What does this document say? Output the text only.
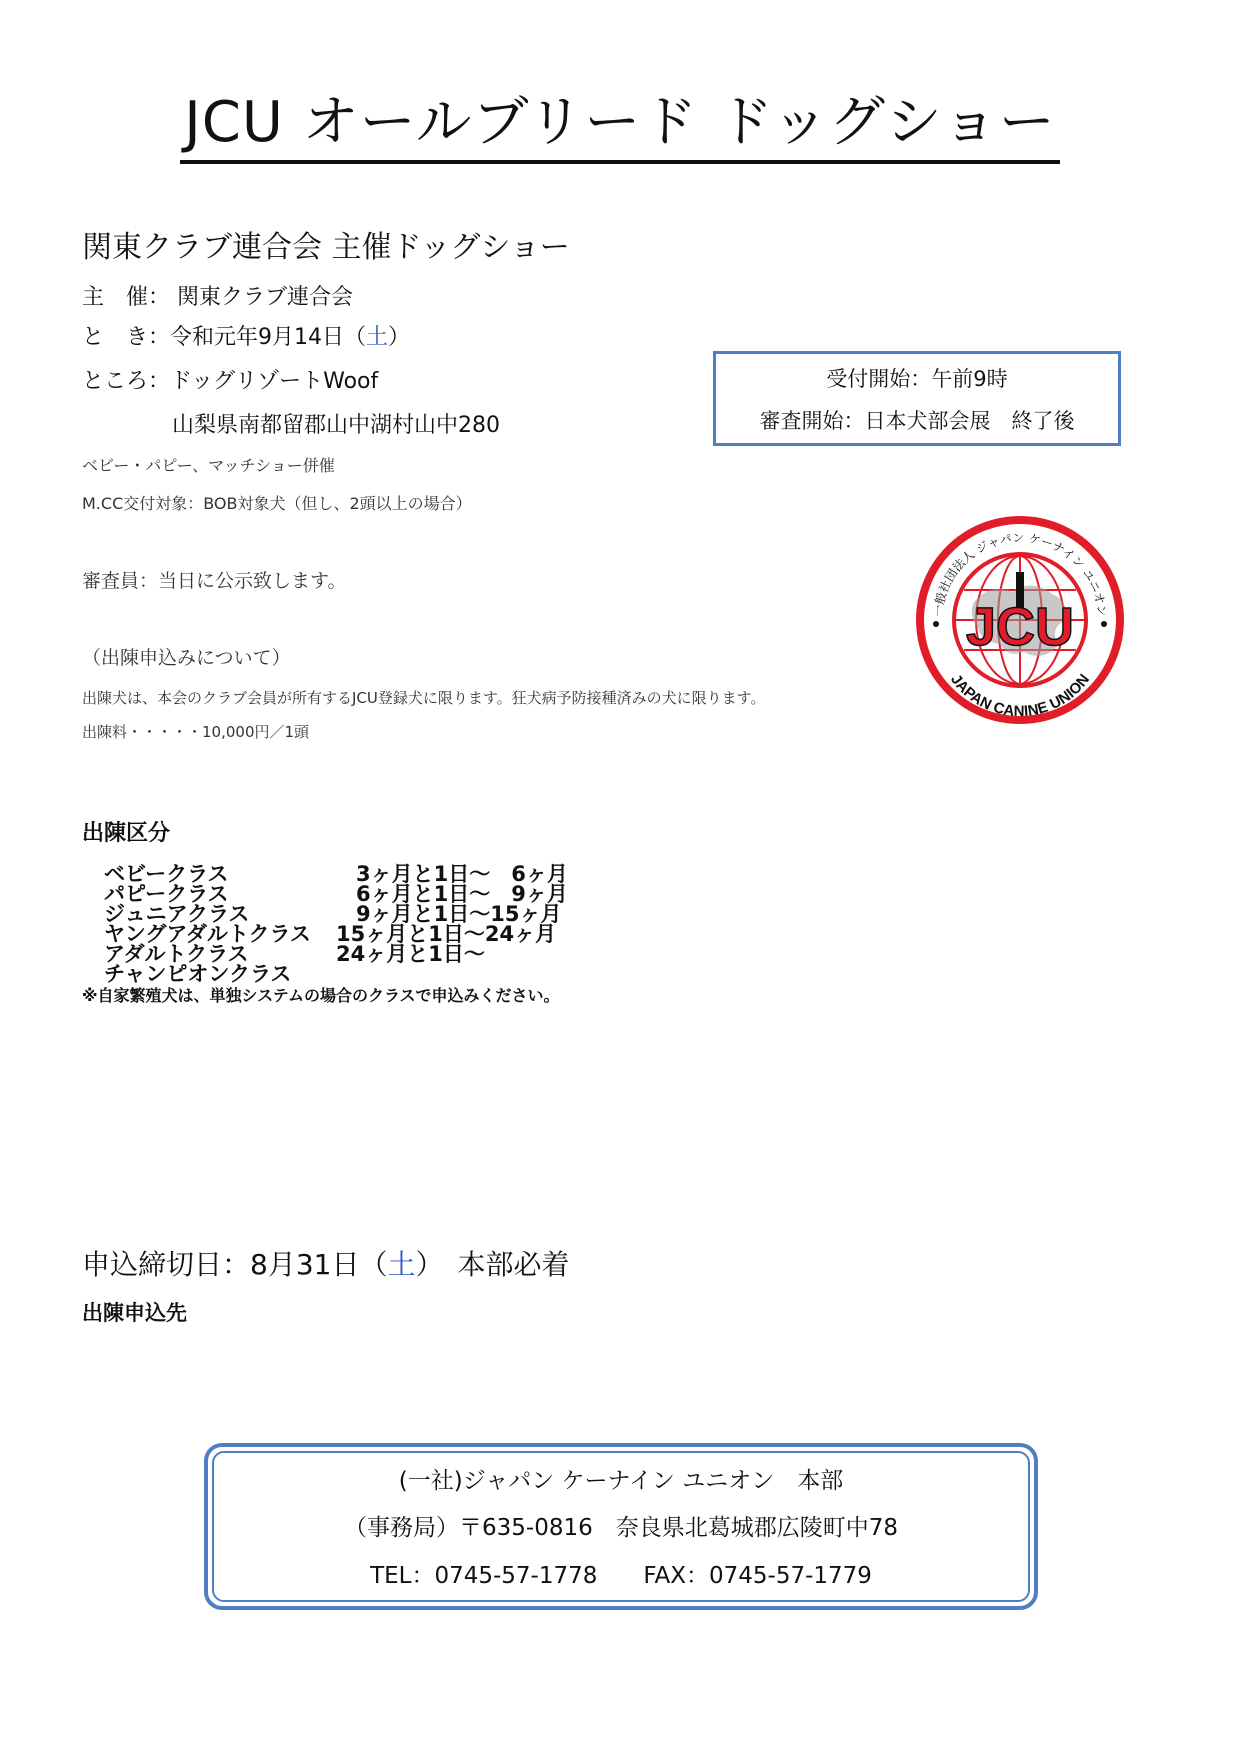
JCU オールブリード ドッグショー
関東クラブ連合会 主催ドッグショー
主　催： 関東クラブ連合会
と　き：令和元年9月14日（土）
ところ：ドッグリゾートWoof
山梨県南都留郡山中湖村山中280
ベビー・パピー、マッチショー併催
M.CC交付対象：BOB対象犬（但し、2頭以上の場合）
審査員：当日に公示致します。
（出陳申込みについて）
出陳犬は、本会のクラブ会員が所有するJCU登録犬に限ります。狂犬病予防接種済みの犬に限ります。
出陳料・・・・・10,000円／1頭
受付開始：午前9時
審査開始：日本犬部会展　終了後
JCU
一般社団法人 ジャパン ケーナイン ユニオン
JAPAN CANINE UNION
出陳区分
ベビークラス	3ヶ月と1日～　6ヶ月
パピークラス	6ヶ月と1日～　9ヶ月
ジュニアクラス	9ヶ月と1日～15ヶ月
ヤングアダルトクラス 15ヶ月と1日～24ヶ月
アダルトクラス	24ヶ月と1日～
チャンピオンクラス
※自家繁殖犬は、単独システムの場合のクラスで申込みください。
申込締切日：8月31日（土）　本部必着
出陳申込先
(一社)ジャパン ケーナイン ユニオン　本部
（事務局）〒635-0816　奈良県北葛城郡広陵町中78
TEL：0745-57-1778　　FAX：0745-57-1779
